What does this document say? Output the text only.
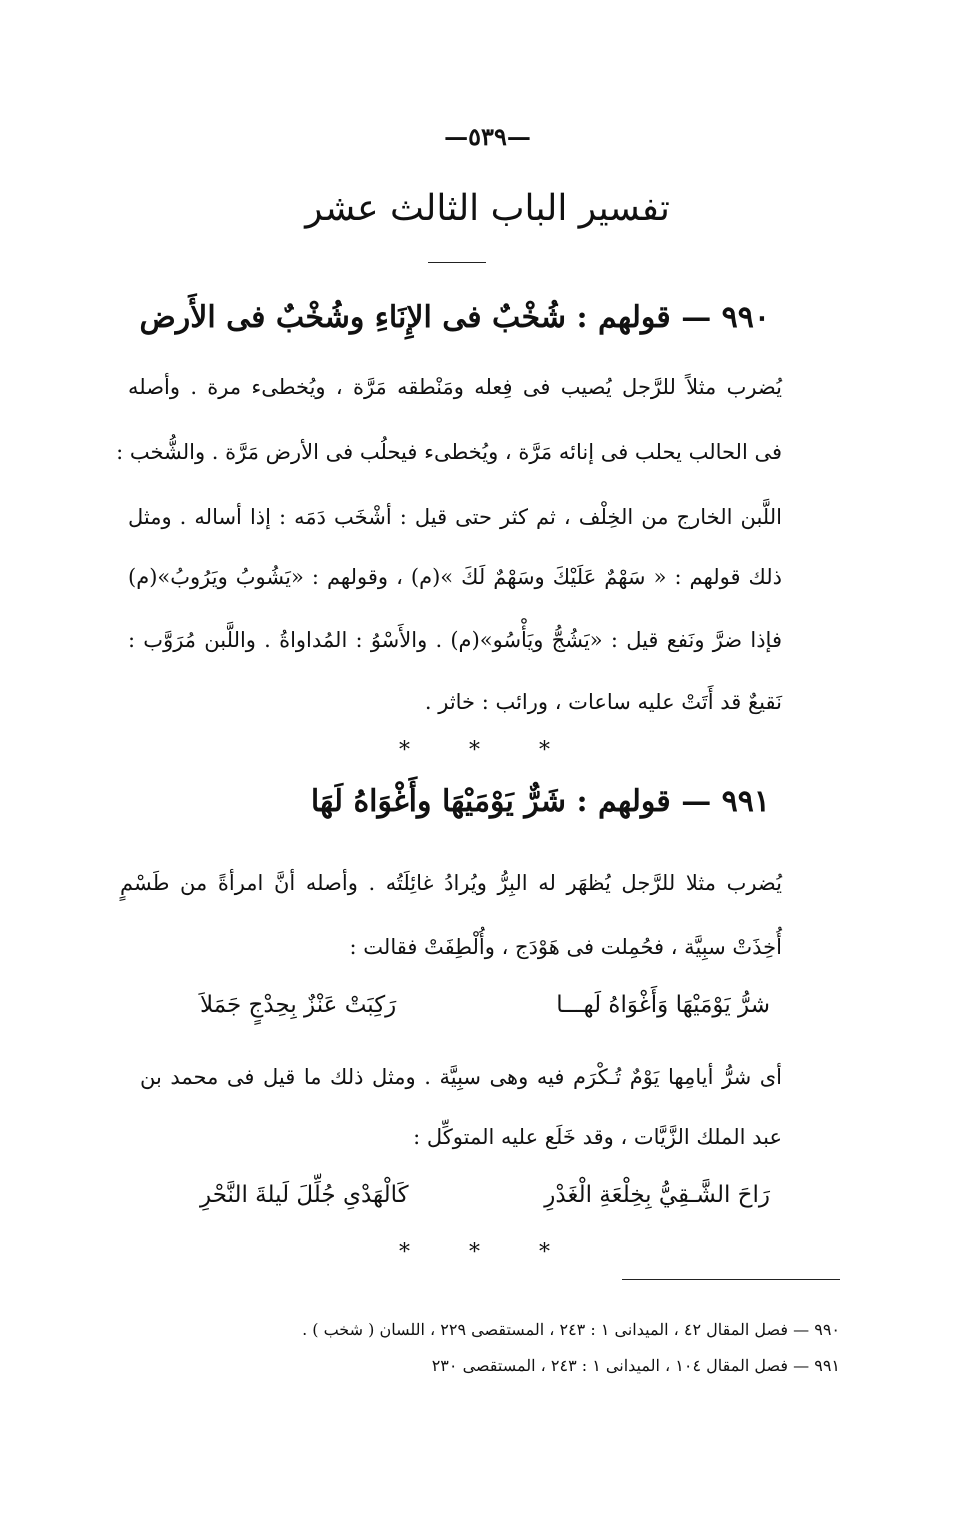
—٥٣٩—
تفسير الباب الثالث عشر
٩٩٠ — قولهم : شُخْبٌ فى الإِنَاءِ وشُخْبٌ فى الأَرض
يُضرب مثلاً للرَّجل يُصيب فى فِعله ومَنْطقه مَرَّة ، ويُخطىء مرة . وأصله
فى الحالب يحلب فى إنائه مَرَّة ، ويُخطىء فيحلُب فى الأرض مَرَّة . والشُّخب :
اللَّبن الخارج من الخِلْف ، ثم كثر حتى قيل : أشْخَب دَمَه : إذا أساله . ومثل
ذلك قولهم : « سَهْمٌ عَلَيْكَ وسَهْمٌ لَكَ »(م) ، وقولهم : «يَشُوبُ ويَرُوبُ»(م)
فإذا ضرَّ ونَفع قيل : «يَشُجُّ ويَأْسُو»(م) . والأَسْوُ : المُداواةُ . واللَّبن مُرَوَّب :
نَقيعٌ قد أَتَتْ عليه ساعات ، ورائب : خاثر .
* * *
٩٩١ — قولهم : شَرٌّ يَوْمَيْهَا وأَغْوَاهُ لَهَا
يُضرب مثلا للرَّجل يُظهَر له البِرُّ ويُرادُ غائِلَتُه . وأصله أنَّ امرأةً من طَسْمٍ
أُخِذَتْ سبِيَّة ، فحُمِلت فى هَوْدَج ، وأُلْطِفَتْ فقالت :
شرُّ يَوْمَيْهَا وَأَغْوَاهُ لَهـــا
رَكِبَتْ عَنْزٌ بِحِدْجٍ جَمَلاَ
أى شرُّ أيامِها يَوْمٌ تُـكْرَم فيه وهى سبِيَّة . ومثل ذلك ما قيل فى محمد بن
عبد الملك الزَّيَّات ، وقد خَلَع عليه المتوكِّل :
رَاحَ الشَّـقِيُّ بِخِلْعَةِ الْغَدْرِ
كَالْهَدْىِ جُلِّلَ لَيلةَ النَّحْرِ
* * *
٩٩٠ — فصل المقال ٤٢ ، الميدانى ١ : ٢٤٣ ، المستقصى ٢٢٩ ، اللسان ( شخب ) .
٩٩١ — فصل المقال ١٠٤ ، الميدانى ١ : ٢٤٣ ، المستقصى ٢٣٠
